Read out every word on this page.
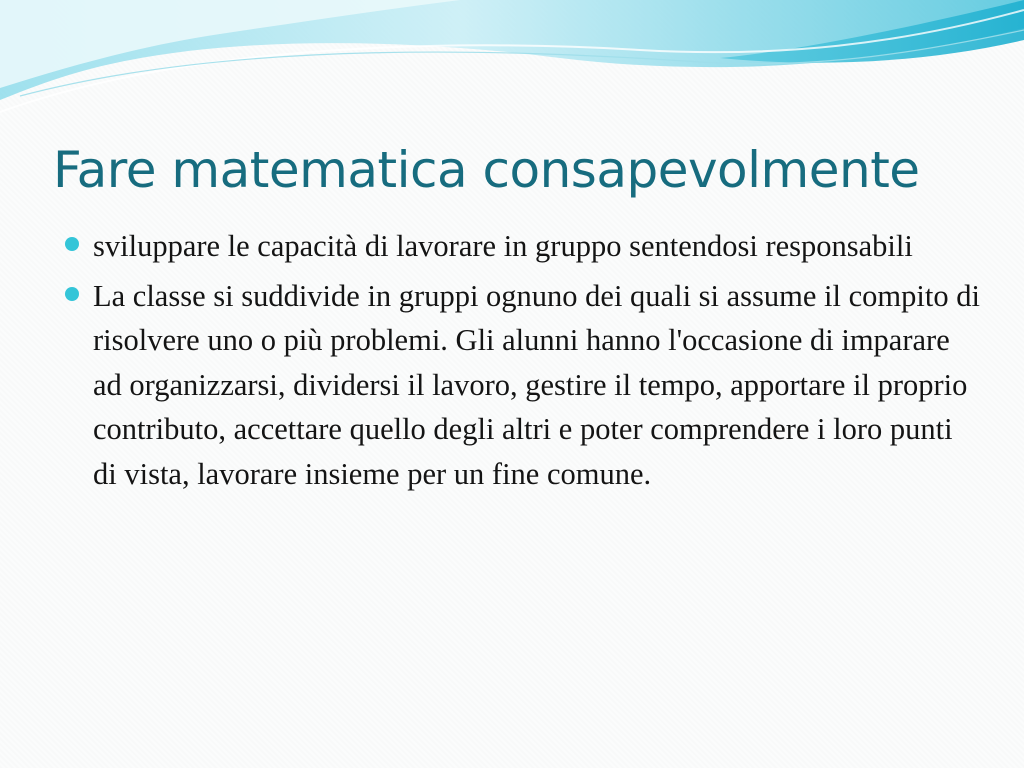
Fare matematica consapevolmente
sviluppare le capacità di lavorare in gruppo sentendosi responsabili
La classe si suddivide in gruppi ognuno dei quali si assume il compito di risolvere uno o più problemi. Gli alunni hanno l'occasione di imparare ad organizzarsi, dividersi il lavoro, gestire il tempo, apportare il proprio contributo, accettare quello degli altri e poter comprendere i loro punti di vista, lavorare insieme per un fine comune.
